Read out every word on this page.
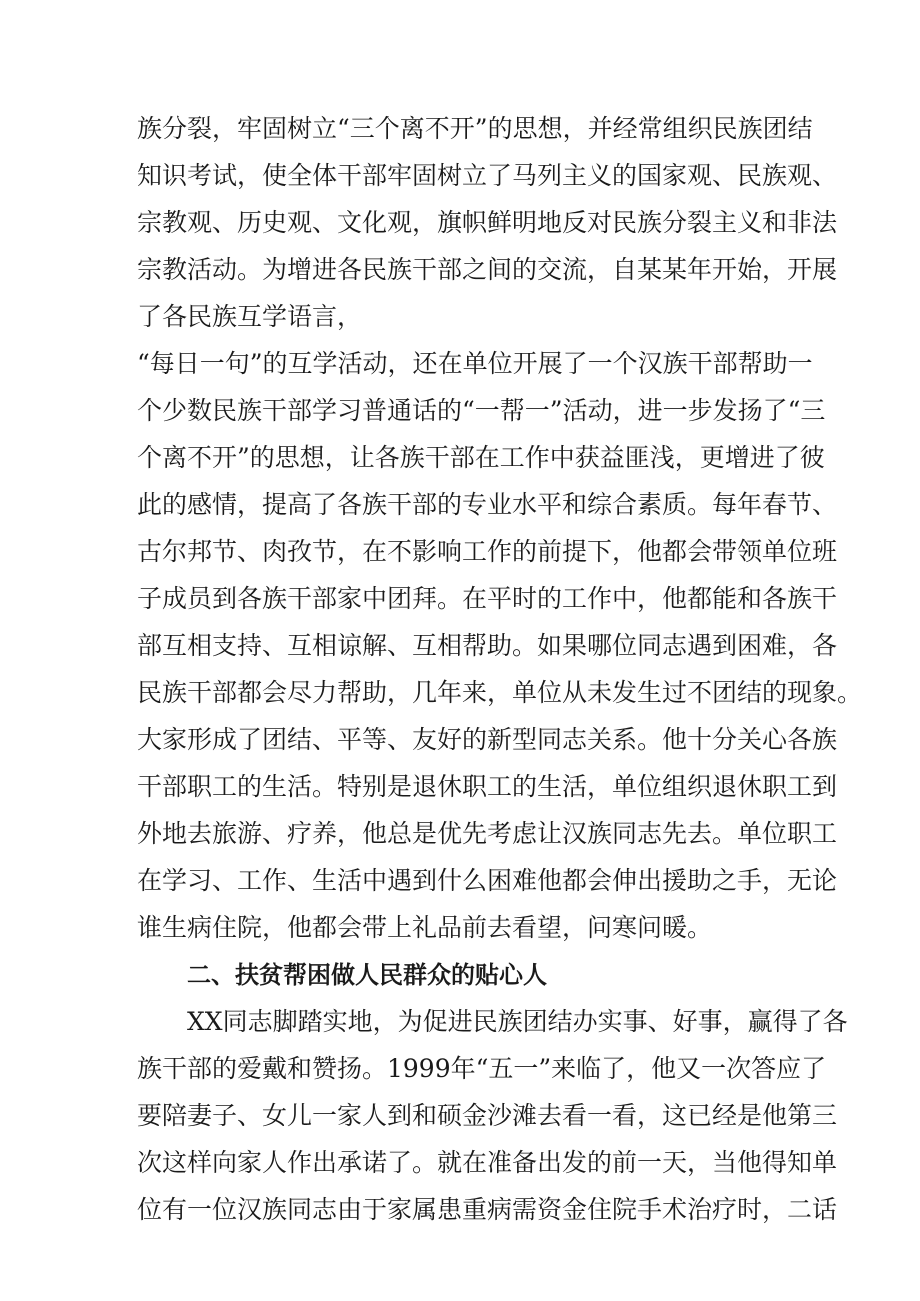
族分裂，牢固树立“三个离不开”的思想，并经常组织民族团结
知识考试，使全体干部牢固树立了马列主义的国家观、民族观、
宗教观、历史观、文化观，旗帜鲜明地反对民族分裂主义和非法
宗教活动。为增进各民族干部之间的交流，自某某年开始，开展
了各民族互学语言，
“每日一句”的互学活动，还在单位开展了一个汉族干部帮助一
个少数民族干部学习普通话的“一帮一”活动，进一步发扬了“三
个离不开”的思想，让各族干部在工作中获益匪浅，更增进了彼
此的感情，提高了各族干部的专业水平和综合素质。每年春节、
古尔邦节、肉孜节，在不影响工作的前提下，他都会带领单位班
子成员到各族干部家中团拜。在平时的工作中，他都能和各族干
部互相支持、互相谅解、互相帮助。如果哪位同志遇到困难，各
民族干部都会尽力帮助，几年来，单位从未发生过不团结的现象。
大家形成了团结、平等、友好的新型同志关系。他十分关心各族
干部职工的生活。特别是退休职工的生活，单位组织退休职工到
外地去旅游、疗养，他总是优先考虑让汉族同志先去。单位职工
在学习、工作、生活中遇到什么困难他都会伸出援助之手，无论
谁生病住院，他都会带上礼品前去看望，问寒问暖。
二、扶贫帮困做人民群众的贴心人
XX同志脚踏实地，为促进民族团结办实事、好事，赢得了各
族干部的爱戴和赞扬。1999年“五一”来临了，他又一次答应了
要陪妻子、女儿一家人到和硕金沙滩去看一看，这已经是他第三
次这样向家人作出承诺了。就在准备出发的前一天，当他得知单
位有一位汉族同志由于家属患重病需资金住院手术治疗时，二话
